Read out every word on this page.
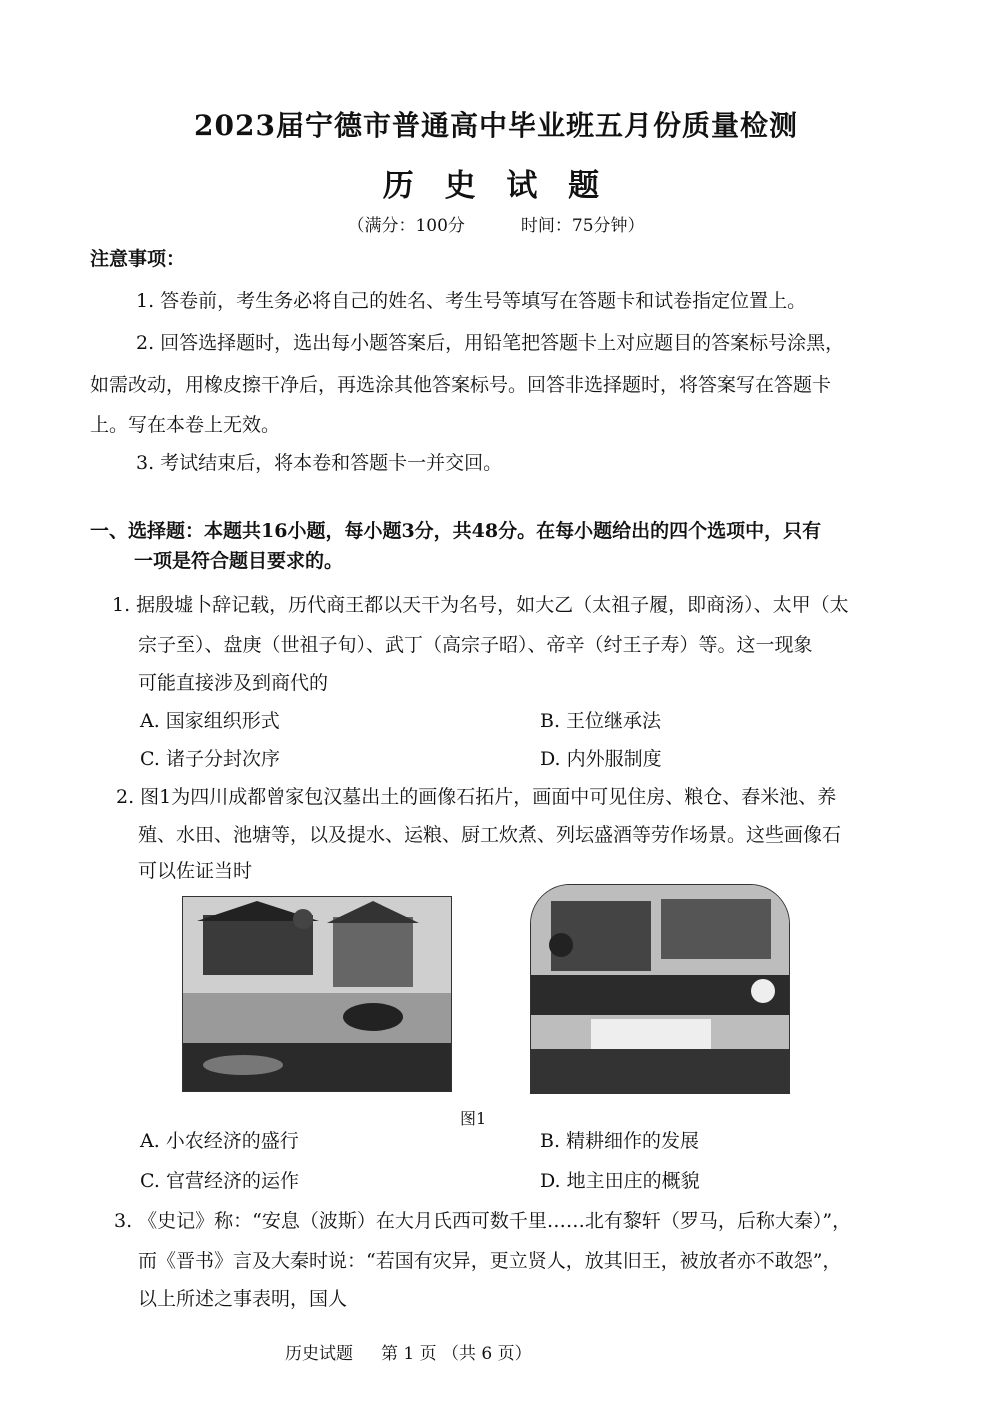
2023届宁德市普通高中毕业班五月份质量检测
历 史 试 题
（满分：100分	时间：75分钟）
注意事项：
1. 答卷前，考生务必将自己的姓名、考生号等填写在答题卡和试卷指定位置上。
2. 回答选择题时，选出每小题答案后，用铅笔把答题卡上对应题目的答案标号涂黑，
如需改动，用橡皮擦干净后，再选涂其他答案标号。回答非选择题时，将答案写在答题卡
上。写在本卷上无效。
3. 考试结束后，将本卷和答题卡一并交回。
一、选择题：本题共16小题，每小题3分，共48分。在每小题给出的四个选项中，只有
一项是符合题目要求的。
1. 据殷墟卜辞记载，历代商王都以天干为名号，如大乙（太祖子履，即商汤）、太甲（太
宗子至）、盘庚（世祖子旬）、武丁（高宗子昭）、帝辛（纣王子寿）等。这一现象
可能直接涉及到商代的
A. 国家组织形式	B. 王位继承法
C. 诸子分封次序	D. 内外服制度
2. 图1为四川成都曾家包汉墓出土的画像石拓片，画面中可见住房、粮仓、舂米池、养
殖、水田、池塘等，以及提水、运粮、厨工炊煮、列坛盛酒等劳作场景。这些画像石
可以佐证当时
图1
A. 小农经济的盛行	B. 精耕细作的发展
C. 官营经济的运作	D. 地主田庄的概貌
3. 《史记》称：“安息（波斯）在大月氏西可数千里……北有黎轩（罗马，后称大秦）”，
而《晋书》言及大秦时说：“若国有灾异，更立贤人，放其旧王，被放者亦不敢怨”，
以上所述之事表明，国人
历史试题 第 1 页 （共 6 页）
